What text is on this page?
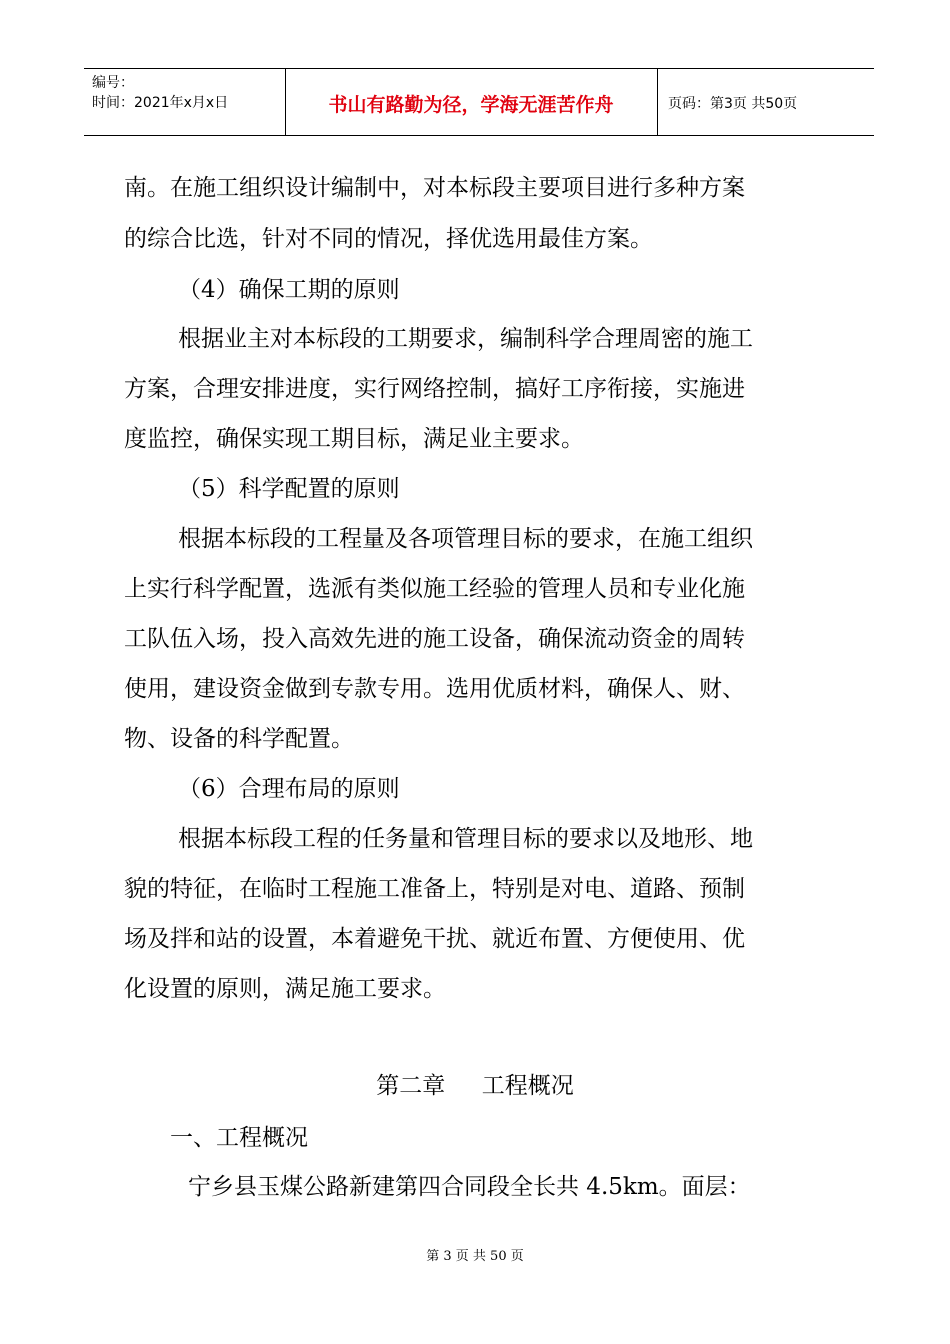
编号：
时间：2021年x月x日	书山有路勤为径，学海无涯苦作舟	页码：第3页 共50页
南。在施工组织设计编制中，对本标段主要项目进行多种方案
的综合比选，针对不同的情况，择优选用最佳方案。
（4）确保工期的原则
根据业主对本标段的工期要求，编制科学合理周密的施工
方案，合理安排进度，实行网络控制，搞好工序衔接，实施进
度监控，确保实现工期目标，满足业主要求。
（5）科学配置的原则
根据本标段的工程量及各项管理目标的要求，在施工组织
上实行科学配置，选派有类似施工经验的管理人员和专业化施
工队伍入场，投入高效先进的施工设备，确保流动资金的周转
使用，建设资金做到专款专用。选用优质材料，确保人、财、
物、设备的科学配置。
（6）合理布局的原则
根据本标段工程的任务量和管理目标的要求以及地形、地
貌的特征，在临时工程施工准备上，特别是对电、道路、预制
场及拌和站的设置，本着避免干扰、就近布置、方便使用、优
化设置的原则，满足施工要求。
第二章     工程概况
一、工程概况
宁乡县玉煤公路新建第四合同段全长共 4.5km。面层：
第 3 页 共 50 页
